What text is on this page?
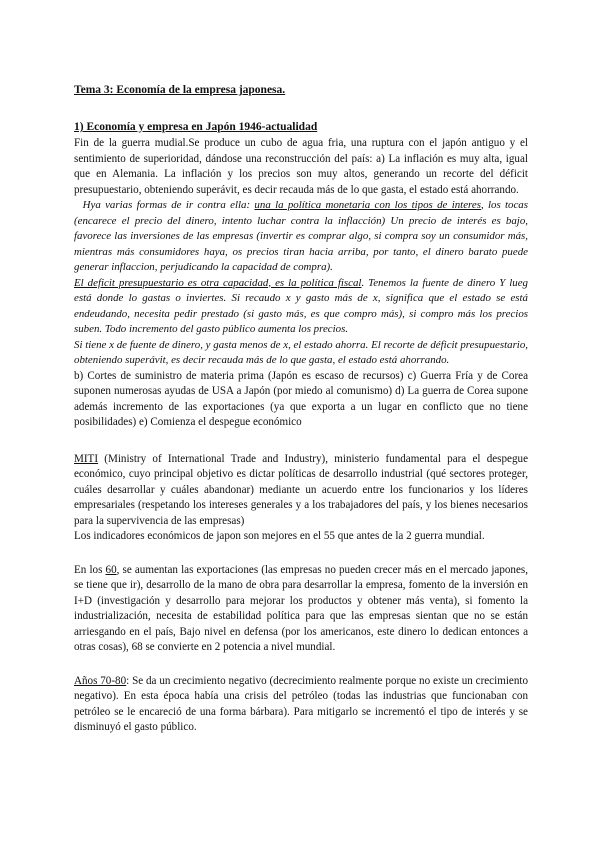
Tema 3: Economía de la empresa japonesa.

1) Economía y empresa en Japón 1946-actualidad

Fin de la guerra mudial.Se produce un cubo de agua fria, una ruptura con el japón antiguo y el sentimiento de superioridad, dándose una reconstrucción del país: a) La inflación es muy alta, igual que en Alemania. La inflación y los precios son muy altos, generando un recorte del déficit presupuestario, obteniendo superávit, es decir recauda más de lo que gasta, el estado está ahorrando.

Hya varias formas de ir contra ella: una la política monetaria con los tipos de interes, los tocas (encarece el precio del dinero, intento luchar contra la inflacción) Un precio de interés es bajo, favorece las inversiones de las empresas (invertir es comprar algo, si compra soy un consumidor más, mientras más consumidores haya, os precios tiran hacia arriba, por tanto, el dinero barato puede generar inflaccion, perjudicando la capacidad de compra).

El deficit presupuestario es otra capacidad, es la política fiscal. Tenemos la fuente de dinero Y lueg está donde lo gastas o inviertes. Si recaudo x y gasto más de x, significa que el estado se está endeudando, necesita pedir prestado (si gasto más, es que compro más), si compro más los precios suben. Todo incremento del gasto público aumenta los precios.

Si tiene x de fuente de dinero, y gasta menos de x, el estado ahorra. El recorte de déficit presupuestario, obteniendo superávit, es decir recauda más de lo que gasta, el estado está ahorrando.

b) Cortes de suministro de materia prima (Japón es escaso de recursos) c) Guerra Fría y de Corea suponen numerosas ayudas de USA a Japón (por miedo al comunismo) d) La guerra de Corea supone además incremento de las exportaciones (ya que exporta a un lugar en conflicto que no tiene posibilidades) e) Comienza el despegue económico

MITI (Ministry of International Trade and Industry), ministerio fundamental para el despegue económico, cuyo principal objetivo es dictar políticas de desarrollo industrial (qué sectores proteger, cuáles desarrollar y cuáles abandonar) mediante un acuerdo entre los funcionarios y los líderes empresariales (respetando los intereses generales y a los trabajadores del país, y los bienes necesarios para la supervivencia de las empresas)

Los indicadores económicos de japon son mejores en el 55 que antes de la 2 guerra mundial.

En los 60, se aumentan las exportaciones (las empresas no pueden crecer más en el mercado japones, se tiene que ir), desarrollo de la mano de obra para desarrollar la empresa, fomento de la inversión en I+D (investigación y desarrollo para mejorar los productos y obtener más venta), si fomento la industrialización, necesita de estabilidad política para que las empresas sientan que no se están arriesgando en el país, Bajo nivel en defensa (por los americanos, este dinero lo dedican entonces a otras cosas), 68 se convierte en 2 potencia a nivel mundial.

Años 70-80: Se da un crecimiento negativo (decrecimiento realmente porque no existe un crecimiento negativo). En esta época había una crisis del petróleo (todas las industrias que funcionaban con petróleo se le encareció de una forma bárbara). Para mitigarlo se incrementó el tipo de interés y se disminuyó el gasto público.
